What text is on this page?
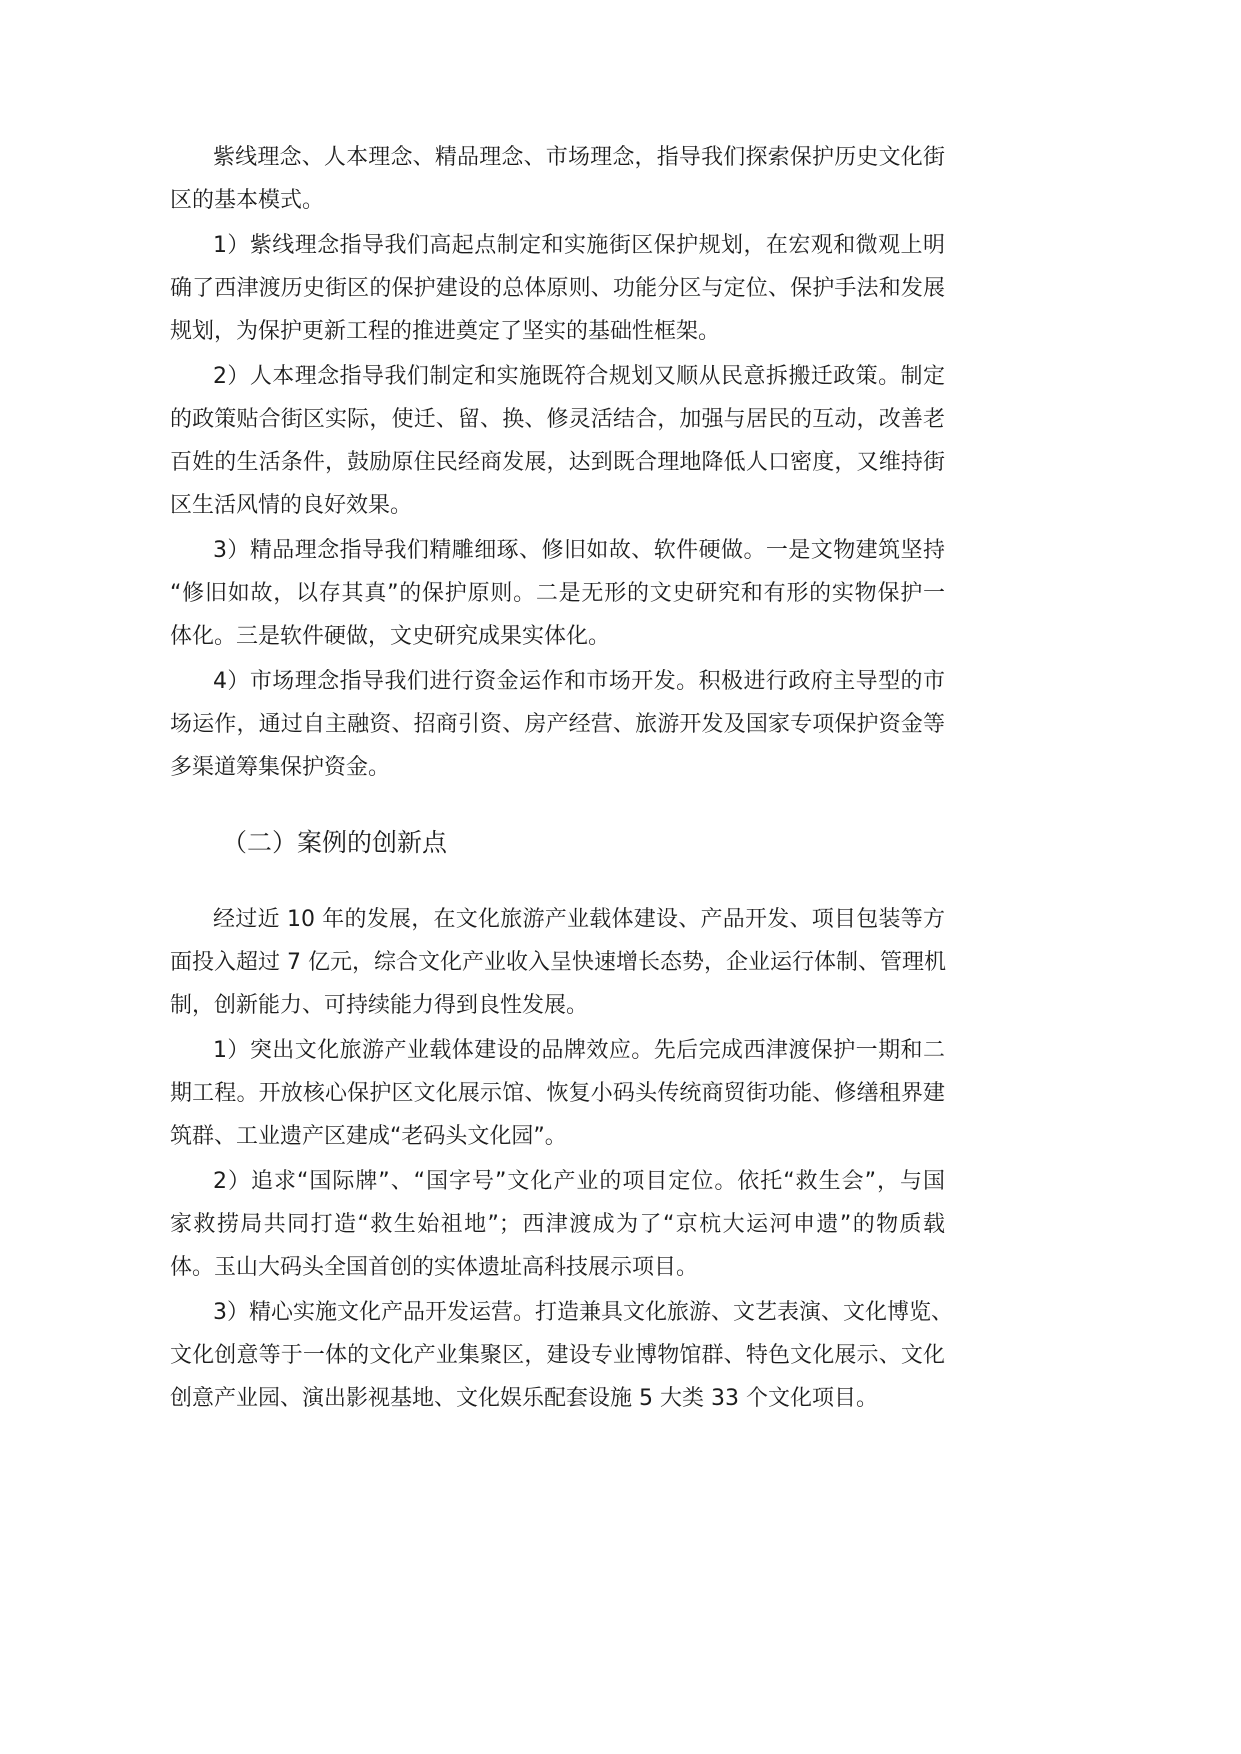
紫线理念、人本理念、精品理念、市场理念，指导我们探索保护历史文化街
区的基本模式。
1）紫线理念指导我们高起点制定和实施街区保护规划，在宏观和微观上明
确了西津渡历史街区的保护建设的总体原则、功能分区与定位、保护手法和发展
规划，为保护更新工程的推进奠定了坚实的基础性框架。
2）人本理念指导我们制定和实施既符合规划又顺从民意拆搬迁政策。制定
的政策贴合街区实际，使迁、留、换、修灵活结合，加强与居民的互动，改善老
百姓的生活条件，鼓励原住民经商发展，达到既合理地降低人口密度，又维持街
区生活风情的良好效果。
3）精品理念指导我们精雕细琢、修旧如故、软件硬做。一是文物建筑坚持
“修旧如故，以存其真”的保护原则。二是无形的文史研究和有形的实物保护一
体化。三是软件硬做，文史研究成果实体化。
4）市场理念指导我们进行资金运作和市场开发。积极进行政府主导型的市
场运作，通过自主融资、招商引资、房产经营、旅游开发及国家专项保护资金等
多渠道筹集保护资金。
（二）案例的创新点
经过近 10 年的发展，在文化旅游产业载体建设、产品开发、项目包装等方
面投入超过 7 亿元，综合文化产业收入呈快速增长态势，企业运行体制、管理机
制，创新能力、可持续能力得到良性发展。
1）突出文化旅游产业载体建设的品牌效应。先后完成西津渡保护一期和二
期工程。开放核心保护区文化展示馆、恢复小码头传统商贸街功能、修缮租界建
筑群、工业遗产区建成“老码头文化园”。
2）追求“国际牌”、“国字号”文化产业的项目定位。依托“救生会”，与国
家救捞局共同打造“救生始祖地”；西津渡成为了“京杭大运河申遗”的物质载
体。玉山大码头全国首创的实体遗址高科技展示项目。
3）精心实施文化产品开发运营。打造兼具文化旅游、文艺表演、文化博览、
文化创意等于一体的文化产业集聚区，建设专业博物馆群、特色文化展示、文化
创意产业园、演出影视基地、文化娱乐配套设施 5 大类 33 个文化项目。
